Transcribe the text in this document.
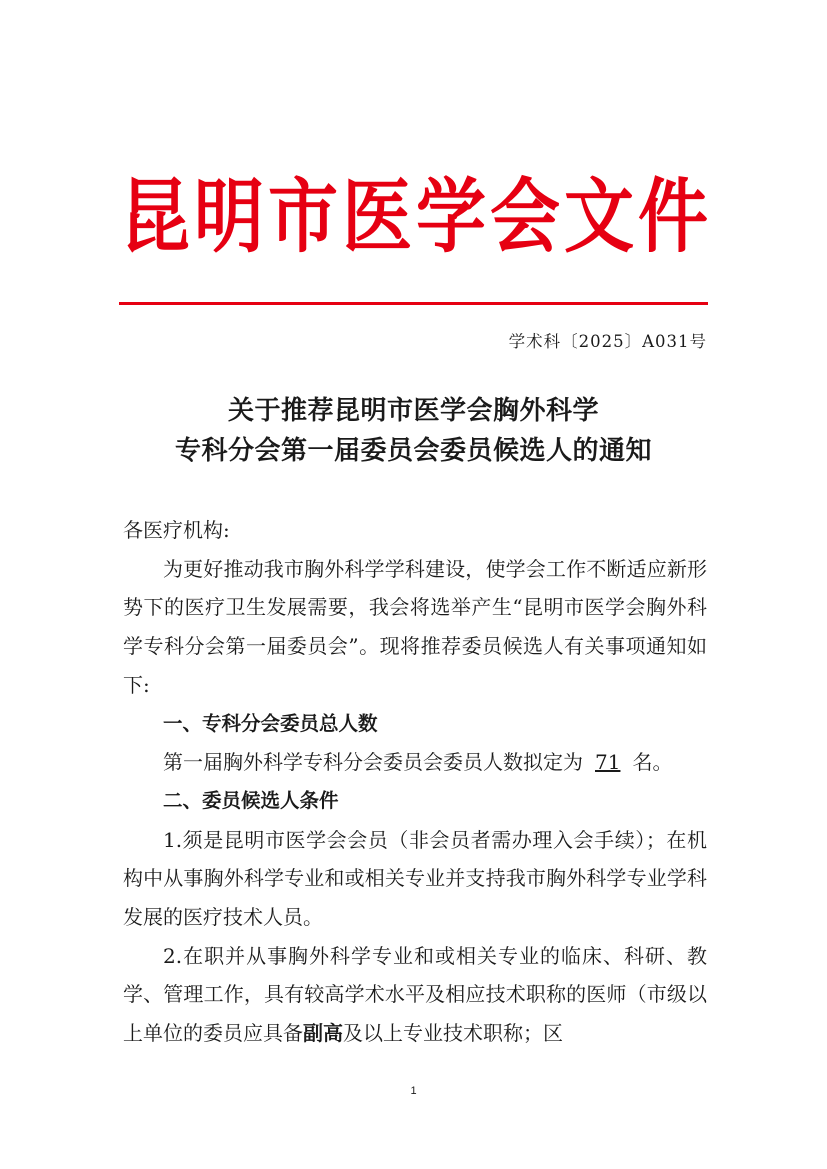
昆 明 市 医 学 会 文 件
学术科〔2025〕A031号
关于推荐昆明市医学会胸外科学
专科分会第一届委员会委员候选人的通知

各医疗机构:

为更好推动我市胸外科学学科建设，使学会工作不断适应新形势下的医疗卫生发展需要，我会将选举产生“昆明市医学会胸外科学专科分会第一届委员会”。现将推荐委员候选人有关事项通知如下:

一、专科分会委员总人数

第一届胸外科学专科分会委员会委员人数拟定为 71 名。

二、委员候选人条件

1.须是昆明市医学会会员（非会员者需办理入会手续）；在机构中从事胸外科学专业和或相关专业并支持我市胸外科学专业学科发展的医疗技术人员。

2.在职并从事胸外科学专业和或相关专业的临床、科研、教学、管理工作，具有较高学术水平及相应技术职称的医师（市级以上单位的委员应具备副高及以上专业技术职称；区

1
